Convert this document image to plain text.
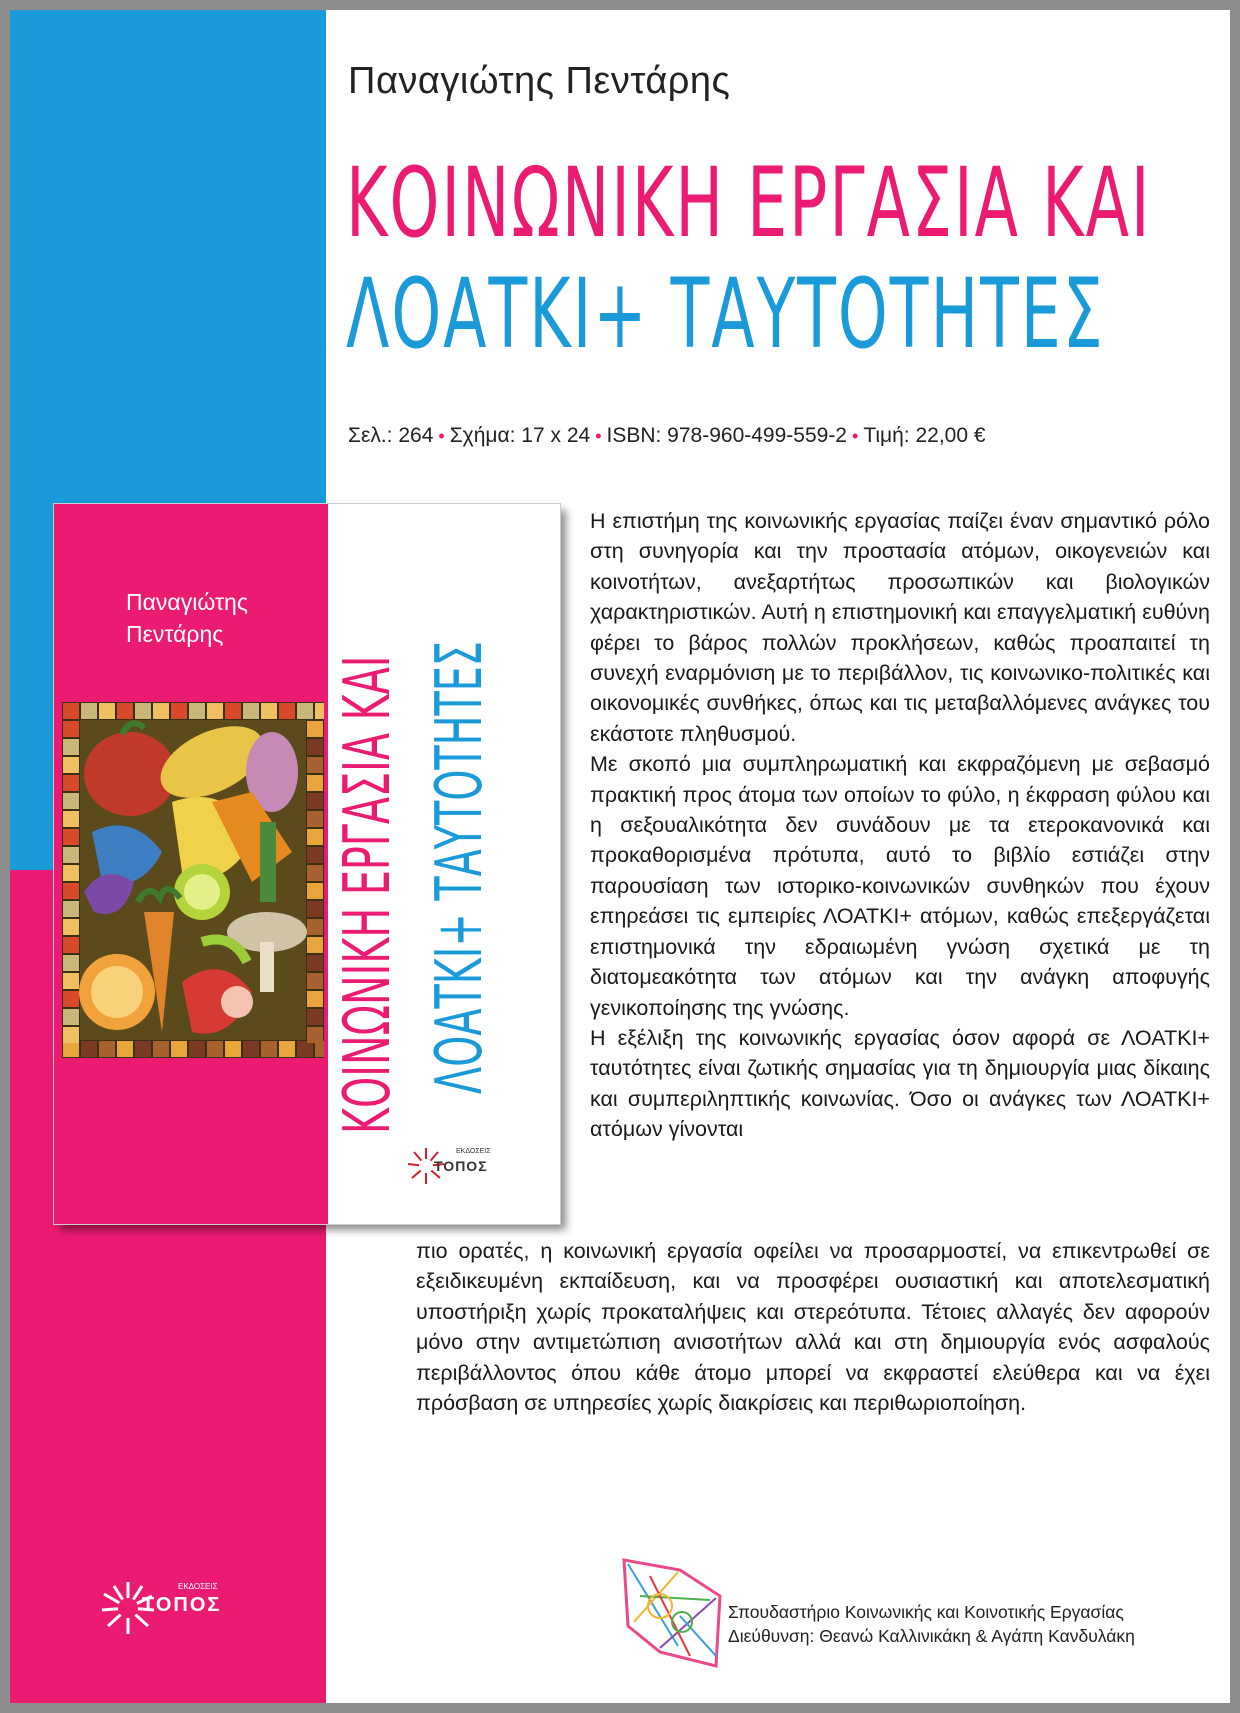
Παναγιώτης Πεντάρης
ΚΟΙΝΩΝΙΚΗ ΕΡΓΑΣΙΑ ΚΑΙ
ΛΟΑΤΚΙ+ ΤΑΥΤΟΤΗΤΕΣ
Σελ.: 264 • Σχήμα: 17 x 24 • ISBN: 978-960-499-559-2 • Τιμή: 22,00 €
Παναγιώτης
Πεντάρης
ΚΟΙΝΩΝΙΚΗ ΕΡΓΑΣΙΑ ΚΑΙ ΛΟΑΤΚΙ+ ΤΑΥΤΟΤΗΤΕΣ
ΕΚΔΟΣΕΙΣ
ΤΟΠΟΣ

Η επιστήμη της κοινωνικής εργασίας παίζει έναν σημαντικό ρόλο στη συνηγορία και την προστασία ατόμων, οικογενειών και κοινοτήτων, ανεξαρτήτως προσωπικών και βιολογικών χαρακτηριστικών. Αυτή η επιστημονική και επαγγελματική ευθύνη φέρει το βάρος πολλών προκλήσεων, καθώς προαπαιτεί τη συνεχή εναρμόνιση με το περιβάλλον, τις κοινωνικο-πολιτικές και οικονομικές συνθήκες, όπως και τις μεταβαλλόμενες ανάγκες του εκάστοτε πληθυσμού.

Με σκοπό μια συμπληρωματική και εκφραζόμενη με σεβασμό πρακτική προς άτομα των οποίων το φύλο, η έκφραση φύλου και η σεξουαλικότητα δεν συνάδουν με τα ετεροκανονικά και προκαθορισμένα πρότυπα, αυτό το βιβλίο εστιάζει στην παρουσίαση των ιστορικο-κοινωνικών συνθηκών που έχουν επηρεάσει τις εμπειρίες ΛΟΑΤΚΙ+ ατόμων, καθώς επεξεργάζεται επιστημονικά την εδραιωμένη γνώση σχετικά με τη διατομεακότητα των ατόμων και την ανάγκη αποφυγής γενικοποίησης της γνώσης.

Η εξέλιξη της κοινωνικής εργασίας όσον αφορά σε ΛΟΑΤΚΙ+ ταυτότητες είναι ζωτικής σημασίας για τη δημιουργία μιας δίκαιης και συμπεριληπτικής κοινωνίας. Όσο οι ανάγκες των ΛΟΑΤΚΙ+ ατόμων γίνονται

πιο ορατές, η κοινωνική εργασία οφείλει να προσαρμοστεί, να επικεντρωθεί σε εξειδικευμένη εκπαίδευση, και να προσφέρει ουσιαστική και αποτελεσματική υποστήριξη χωρίς προκαταλήψεις και στερεότυπα. Τέτοιες αλλαγές δεν αφορούν μόνο στην αντιμετώπιση ανισοτήτων αλλά και στη δημιουργία ενός ασφαλούς περιβάλλοντος όπου κάθε άτομο μπορεί να εκφραστεί ελεύθερα και να έχει πρόσβαση σε υπηρεσίες χωρίς διακρίσεις και περιθωριοποίηση.

ΕΚΔΟΣΕΙΣ
ΤΟΠΟΣ	Σπουδαστήριο Κοινωνικής και Κοινοτικής Εργασίας
Διεύθυνση: Θεανώ Καλλινικάκη & Αγάπη Κανδυλάκη
